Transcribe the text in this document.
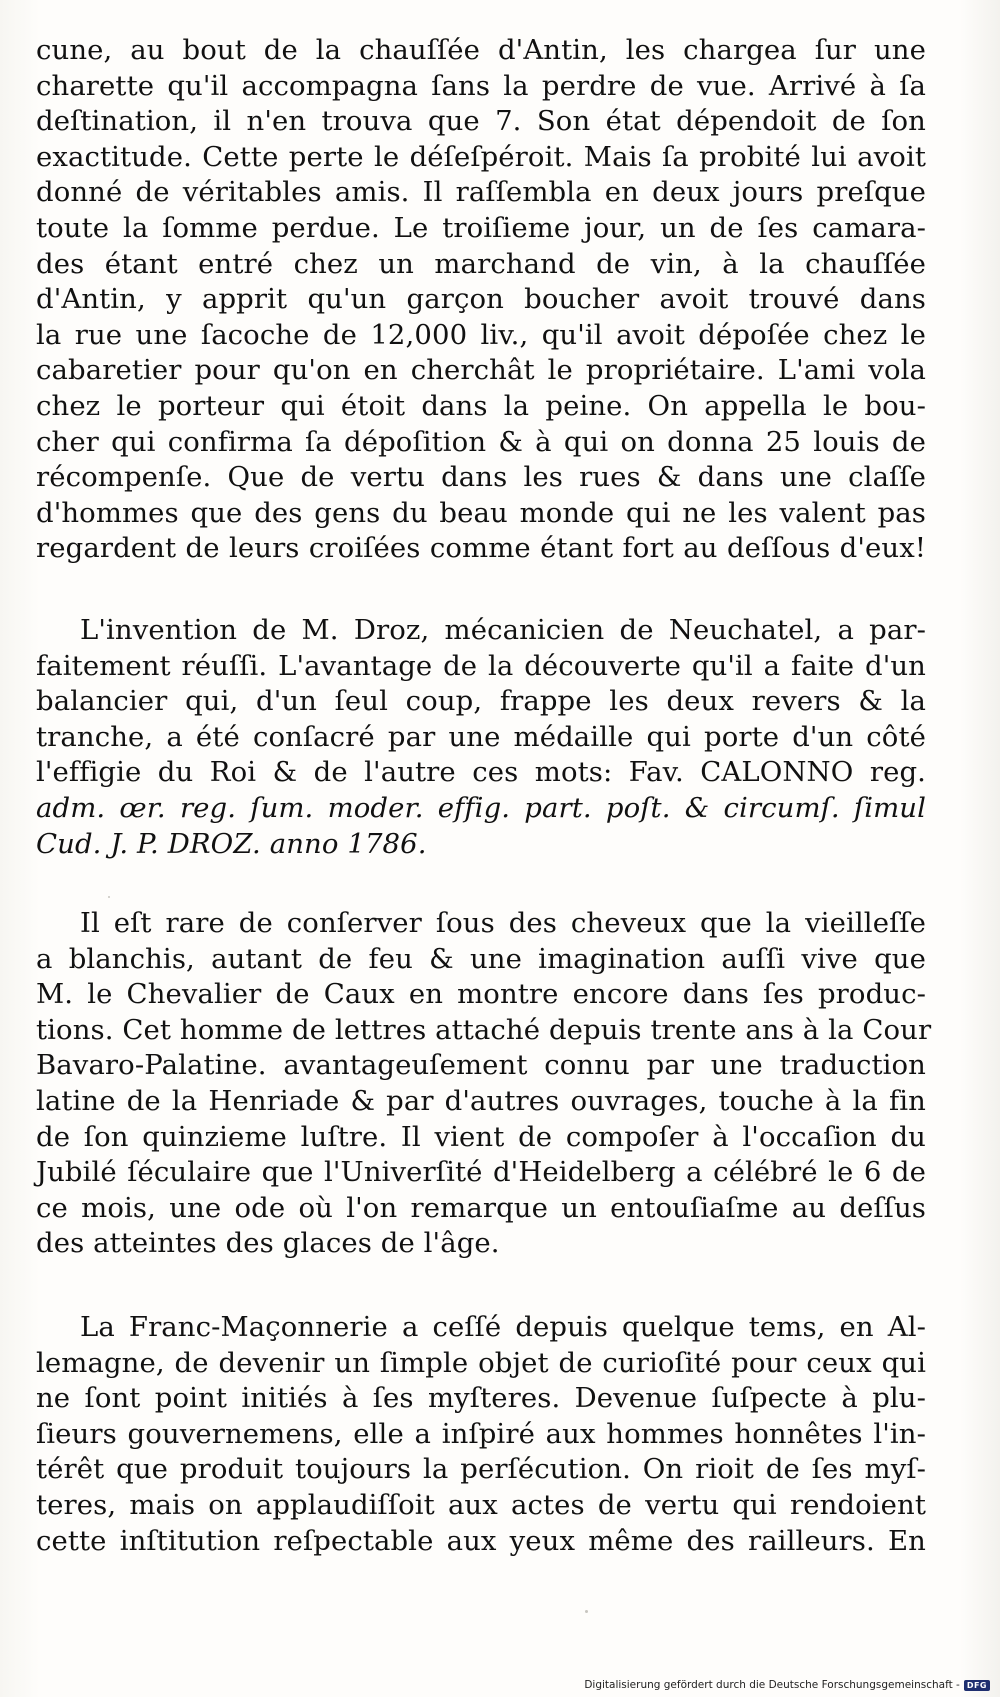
cune, au bout de la chauſſée d'Antin, les chargea ſur une
charette qu'il accompagna ſans la perdre de vue. Arrivé à ſa
deſtination, il n'en trouva que 7. Son état dépendoit de ſon
exactitude. Cette perte le déſeſpéroit. Mais ſa probité lui avoit
donné de véritables amis. Il raſſembla en deux jours preſque
toute la ſomme perdue. Le troiſieme jour, un de ſes camara-
des étant entré chez un marchand de vin, à la chauſſée
d'Antin, y apprit qu'un garçon boucher avoit trouvé dans
la rue une ſacoche de 12,000 liv., qu'il avoit dépoſée chez le
cabaretier pour qu'on en cherchât le propriétaire. L'ami vola
chez le porteur qui étoit dans la peine. On appella le bou-
cher qui confirma ſa dépoſition & à qui on donna 25 louis de
récompenſe. Que de vertu dans les rues & dans une claſſe
d'hommes que des gens du beau monde qui ne les valent pas
regardent de leurs croiſées comme étant fort au deſſous d'eux!
L'invention de M. Droz, mécanicien de Neuchatel, a par-
faitement réuſſi. L'avantage de la découverte qu'il a faite d'un
balancier qui, d'un ſeul coup, frappe les deux revers & la
tranche, a été conſacré par une médaille qui porte d'un côté
l'effigie du Roi & de l'autre ces mots: Fav. CALONNO reg.
adm. œr. reg. ſum. moder. effig. part. poſt. & circumſ. ſimul
Cud. J. P. DROZ. anno 1786.
Il eſt rare de conſerver ſous des cheveux que la vieilleſſe
a blanchis, autant de feu & une imagination auſſi vive que
M. le Chevalier de Caux en montre encore dans ſes produc-
tions. Cet homme de lettres attaché depuis trente ans à la Cour
Bavaro-Palatine. avantageuſement connu par une traduction
latine de la Henriade & par d'autres ouvrages, touche à la fin
de ſon quinzieme luſtre. Il vient de compoſer à l'occaſion du
Jubilé ſéculaire que l'Univerſité d'Heidelberg a célébré le 6 de
ce mois, une ode où l'on remarque un entouſiaſme au deſſus
des atteintes des glaces de l'âge.
La Franc-Maçonnerie a ceſſé depuis quelque tems, en Al-
lemagne, de devenir un ſimple objet de curioſité pour ceux qui
ne ſont point initiés à ſes myſteres. Devenue ſuſpecte à plu-
ſieurs gouvernemens, elle a inſpiré aux hommes honnêtes l'in-
térêt que produit toujours la perſécution. On rioit de ſes myſ-
teres, mais on applaudiſſoit aux actes de vertu qui rendoient
cette inſtitution reſpectable aux yeux même des railleurs. En
Digitalisierung gefördert durch die Deutsche Forschungsgemeinschaft - DFG
